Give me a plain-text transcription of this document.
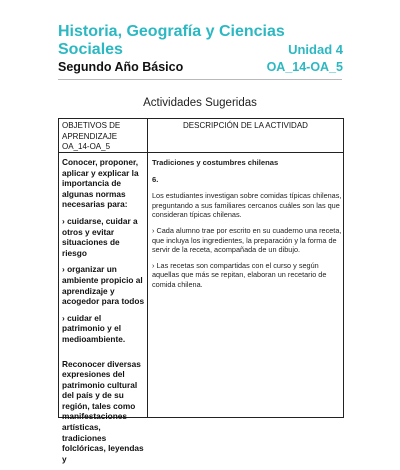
Historia, Geografía y Ciencias Sociales	Unidad 4
Segundo Año Básico	OA_14-OA_5
Actividades Sugeridas
OBJETIVOS DE APRENDIZAJE OA_14-OA_5
DESCRIPCIÓN DE LA ACTIVIDAD

Conocer, proponer, aplicar y explicar la importancia de algunas normas necesarias para:

› cuidarse, cuidar a otros y evitar situaciones de riesgo

› organizar un ambiente propicio al aprendizaje y acogedor para todos

› cuidar el patrimonio y el medioambiente.

Reconocer diversas expresiones del patrimonio cultural del país y de su región, tales como manifestaciones artísticas, tradiciones folclóricas, leyendas y

Tradiciones y costumbres chilenas
6.
Los estudiantes investigan sobre comidas típicas chilenas, preguntando a sus familiares cercanos cuáles son las que consideran típicas chilenas.
› Cada alumno trae por escrito en su cuaderno una receta, que incluya los ingredientes, la preparación y la forma de servir de la receta, acompañada de un dibujo.
› Las recetas son compartidas con el curso y según aquellas que más se repitan, elaboran un recetario de comida chilena.
